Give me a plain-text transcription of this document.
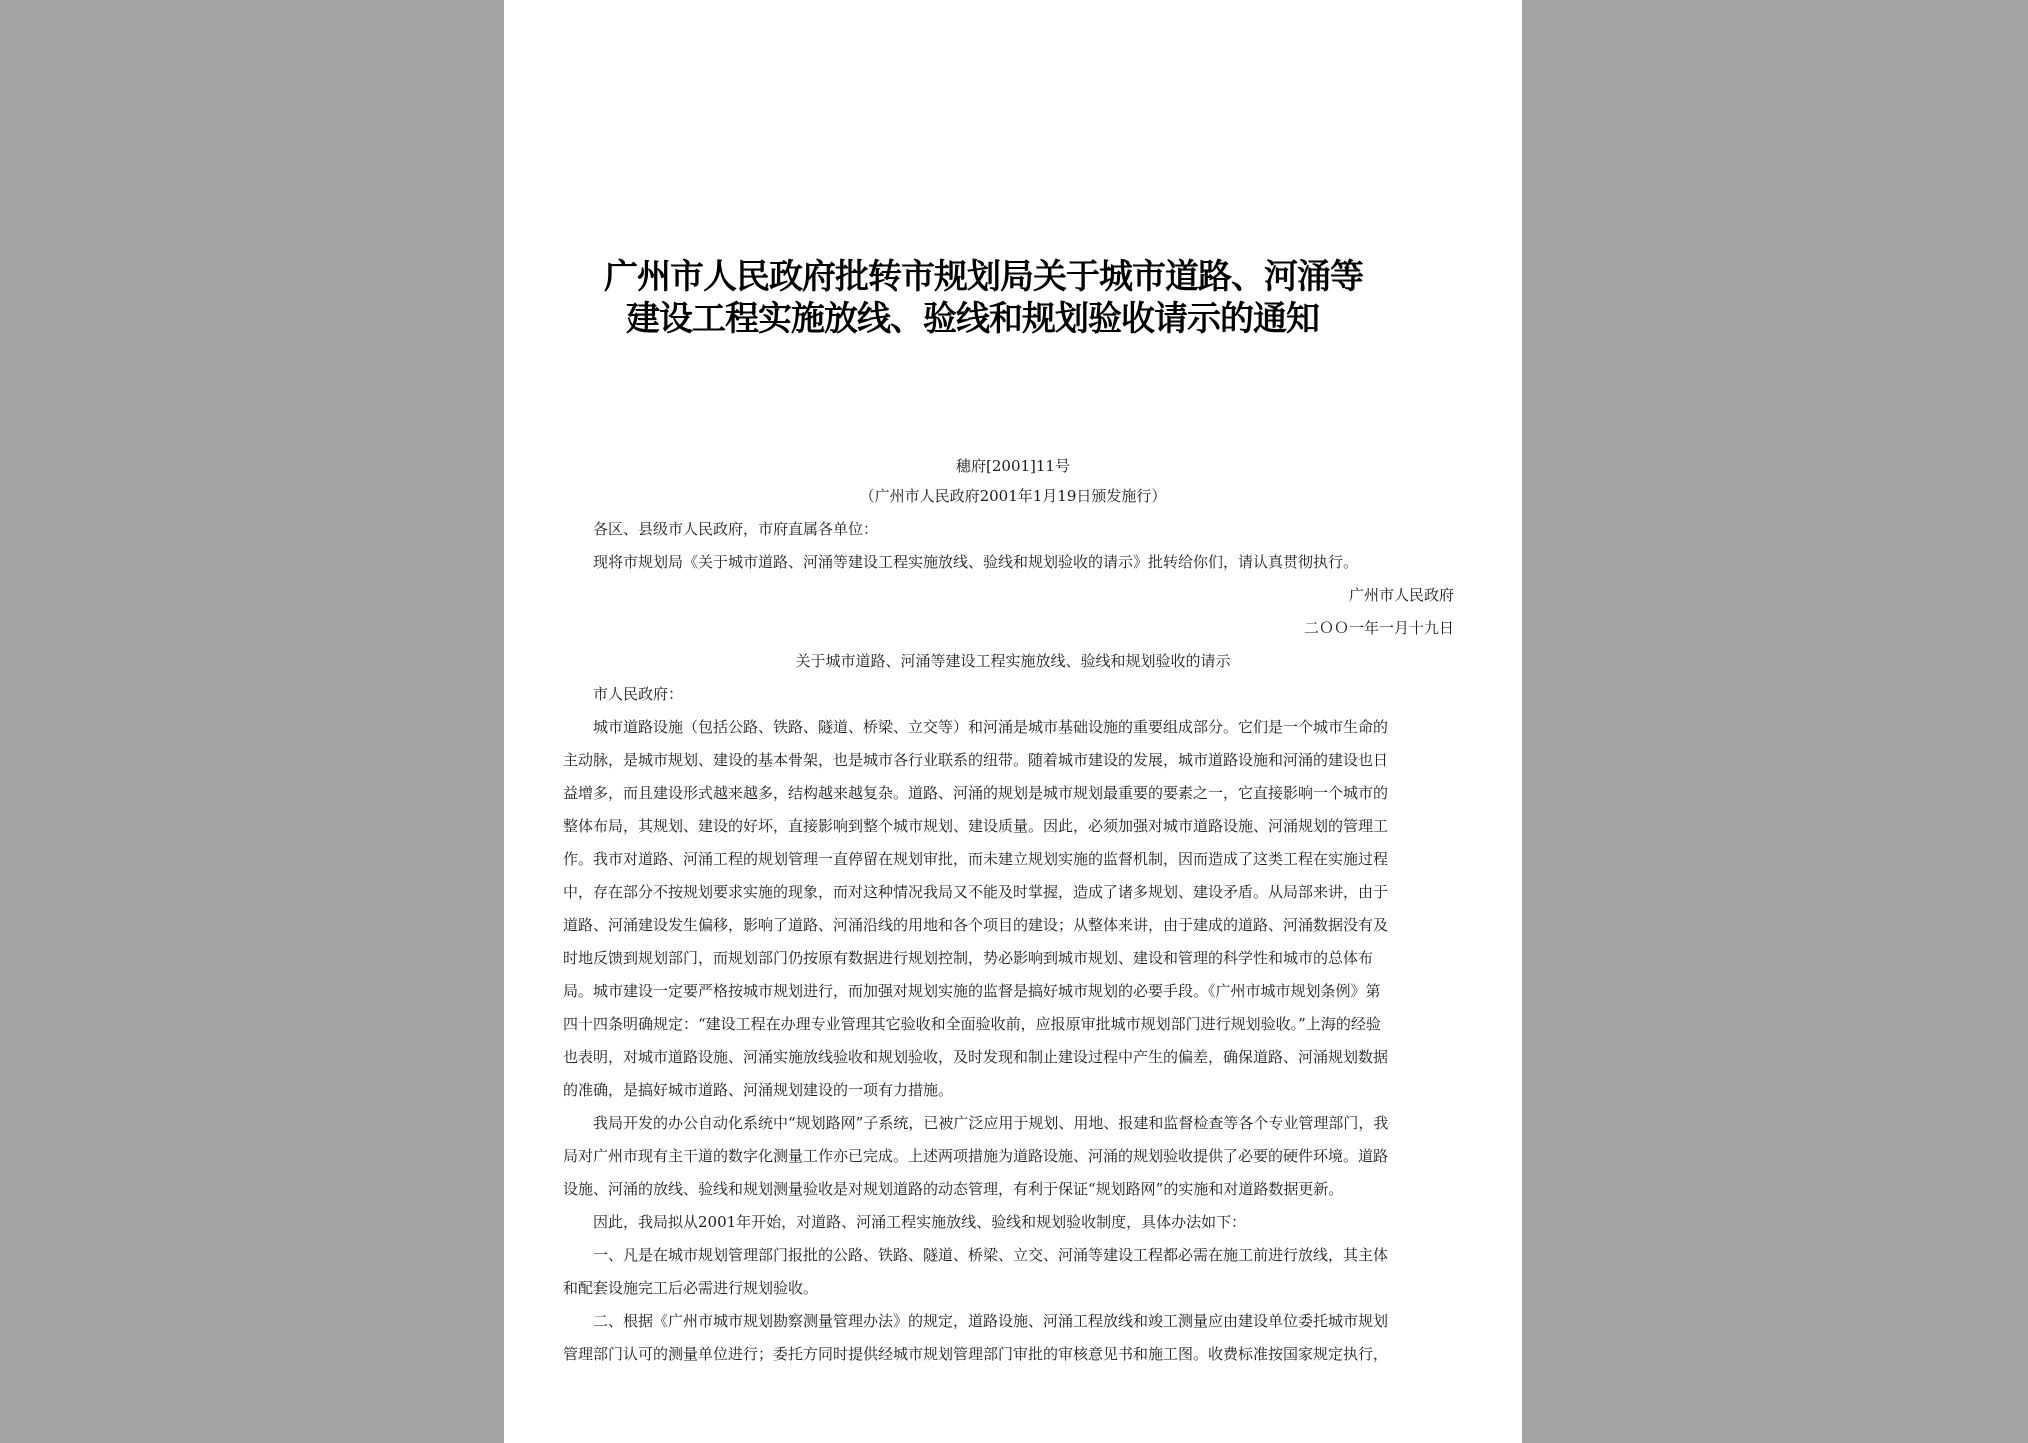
广州市人民政府批转市规划局关于城市道路、河涌等
建设工程实施放线、验线和规划验收请示的通知
穗府[2001]11号
（广州市人民政府2001年1月19日颁发施行）
各区、县级市人民政府，市府直属各单位：
现将市规划局《关于城市道路、河涌等建设工程实施放线、验线和规划验收的请示》批转给你们，请认真贯彻执行。
广州市人民政府
二ＯＯ一年一月十九日
关于城市道路、河涌等建设工程实施放线、验线和规划验收的请示
市人民政府：
城市道路设施（包括公路、铁路、隧道、桥梁、立交等）和河涌是城市基础设施的重要组成部分。它们是一个城市生命的
主动脉，是城市规划、建设的基本骨架，也是城市各行业联系的纽带。随着城市建设的发展，城市道路设施和河涌的建设也日
益增多，而且建设形式越来越多，结构越来越复杂。道路、河涌的规划是城市规划最重要的要素之一，它直接影响一个城市的
整体布局，其规划、建设的好坏，直接影响到整个城市规划、建设质量。因此，必须加强对城市道路设施、河涌规划的管理工
作。我市对道路、河涌工程的规划管理一直停留在规划审批，而未建立规划实施的监督机制，因而造成了这类工程在实施过程
中，存在部分不按规划要求实施的现象，而对这种情况我局又不能及时掌握，造成了诸多规划、建设矛盾。从局部来讲，由于
道路、河涌建设发生偏移，影响了道路、河涌沿线的用地和各个项目的建设；从整体来讲，由于建成的道路、河涌数据没有及
时地反馈到规划部门，而规划部门仍按原有数据进行规划控制，势必影响到城市规划、建设和管理的科学性和城市的总体布
局。城市建设一定要严格按城市规划进行，而加强对规划实施的监督是搞好城市规划的必要手段。《广州市城市规划条例》第
四十四条明确规定：“建设工程在办理专业管理其它验收和全面验收前，应报原审批城市规划部门进行规划验收。”上海的经验
也表明，对城市道路设施、河涌实施放线验收和规划验收，及时发现和制止建设过程中产生的偏差，确保道路、河涌规划数据
的准确，是搞好城市道路、河涌规划建设的一项有力措施。
我局开发的办公自动化系统中“规划路网”子系统，已被广泛应用于规划、用地、报建和监督检查等各个专业管理部门，我
局对广州市现有主干道的数字化测量工作亦已完成。上述两项措施为道路设施、河涌的规划验收提供了必要的硬件环境。道路
设施、河涌的放线、验线和规划测量验收是对规划道路的动态管理，有利于保证“规划路网”的实施和对道路数据更新。
因此，我局拟从2001年开始，对道路、河涌工程实施放线、验线和规划验收制度，具体办法如下：
一、凡是在城市规划管理部门报批的公路、铁路、隧道、桥梁、立交、河涌等建设工程都必需在施工前进行放线，其主体
和配套设施完工后必需进行规划验收。
二、根据《广州市城市规划勘察测量管理办法》的规定，道路设施、河涌工程放线和竣工测量应由建设单位委托城市规划
管理部门认可的测量单位进行；委托方同时提供经城市规划管理部门审批的审核意见书和施工图。收费标准按国家规定执行，
